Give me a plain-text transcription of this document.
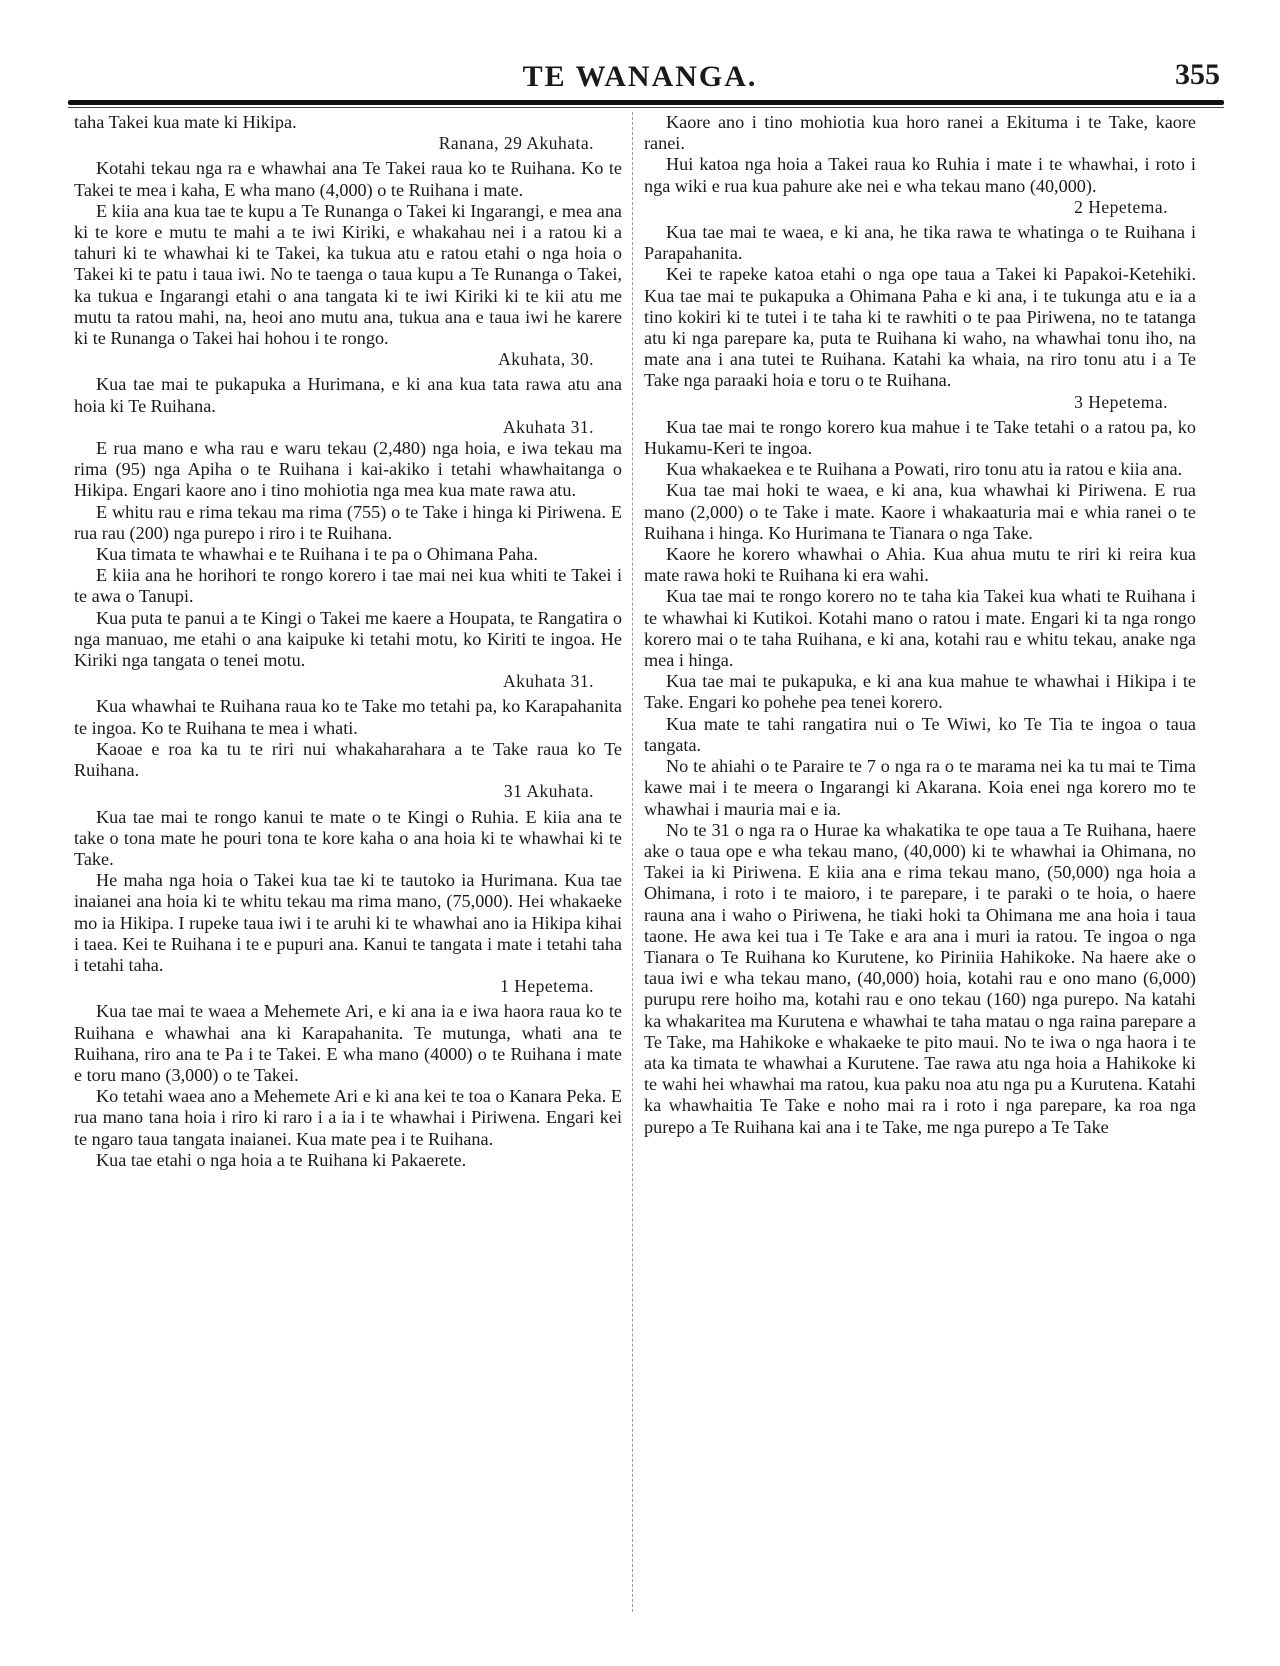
TE WANANGA.	355

taha Takei kua mate ki Hikipa.

Ranana, 29 Akuhata.

Kotahi tekau nga ra e whawhai ana Te Takei raua ko te Ruihana. Ko te Takei te mea i kaha, E wha mano (4,000) o te Ruihana i mate.

E kiia ana kua tae te kupu a Te Runanga o Takei ki Ingarangi, e mea ana ki te kore e mutu te mahi a te iwi Kiriki, e whakahau nei i a ratou ki a tahuri ki te whawhai ki te Takei, ka tukua atu e ratou etahi o nga hoia o Takei ki te patu i taua iwi. No te taenga o taua kupu a Te Runanga o Takei, ka tukua e Ingarangi etahi o ana tangata ki te iwi Kiriki ki te kii atu me mutu ta ratou mahi, na, heoi ano mutu ana, tukua ana e taua iwi he karere ki te Runanga o Takei hai hohou i te rongo.

Akuhata, 30.

Kua tae mai te pukapuka a Hurimana, e ki ana kua tata rawa atu ana hoia ki Te Ruihana.

Akuhata 31.

E rua mano e wha rau e waru tekau (2,480) nga hoia, e iwa tekau ma rima (95) nga Apiha o te Ruihana i kai-akiko i tetahi whawhaitanga o Hikipa. Engari kaore ano i tino mohiotia nga mea kua mate rawa atu.

E whitu rau e rima tekau ma rima (755) o te Take i hinga ki Piriwena. E rua rau (200) nga purepo i riro i te Ruihana.

Kua timata te whawhai e te Ruihana i te pa o Ohimana Paha.

E kiia ana he horihori te rongo korero i tae mai nei kua whiti te Takei i te awa o Tanupi.

Kua puta te panui a te Kingi o Takei me kaere a Houpata, te Rangatira o nga manuao, me etahi o ana kaipuke ki tetahi motu, ko Kiriti te ingoa. He Kiriki nga tangata o tenei motu.

Akuhata 31.

Kua whawhai te Ruihana raua ko te Take mo tetahi pa, ko Karapahanita te ingoa. Ko te Ruihana te mea i whati.

Kaoae e roa ka tu te riri nui whakaharahara a te Take raua ko Te Ruihana.

31 Akuhata.

Kua tae mai te rongo kanui te mate o te Kingi o Ruhia. E kiia ana te take o tona mate he pouri tona te kore kaha o ana hoia ki te whawhai ki te Take.

He maha nga hoia o Takei kua tae ki te tautoko ia Hurimana. Kua tae inaianei ana hoia ki te whitu tekau ma rima mano, (75,000). Hei whakaeke mo ia Hikipa. I rupeke taua iwi i te aruhi ki te whawhai ano ia Hikipa kihai i taea. Kei te Ruihana i te e pupuri ana. Kanui te tangata i mate i tetahi taha i tetahi taha.

1 Hepetema.

Kua tae mai te waea a Mehemete Ari, e ki ana ia e iwa haora raua ko te Ruihana e whawhai ana ki Karapahanita. Te mutunga, whati ana te Ruihana, riro ana te Pa i te Takei. E wha mano (4000) o te Ruihana i mate e toru mano (3,000) o te Takei.

Ko tetahi waea ano a Mehemete Ari e ki ana kei te toa o Kanara Peka. E rua mano tana hoia i riro ki raro i a ia i te whawhai i Piriwena. Engari kei te ngaro taua tangata inaianei. Kua mate pea i te Ruihana.

Kua tae etahi o nga hoia a te Ruihana ki Pakaerete.

Kaore ano i tino mohiotia kua horo ranei a Ekituma i te Take, kaore ranei.

Hui katoa nga hoia a Takei raua ko Ruhia i mate i te whawhai, i roto i nga wiki e rua kua pahure ake nei e wha tekau mano (40,000).

2 Hepetema.

Kua tae mai te waea, e ki ana, he tika rawa te whatinga o te Ruihana i Parapahanita.

Kei te rapeke katoa etahi o nga ope taua a Takei ki Papakoi-Ketehiki. Kua tae mai te pukapuka a Ohimana Paha e ki ana, i te tukunga atu e ia a tino kokiri ki te tutei i te taha ki te rawhiti o te paa Piriwena, no te tatanga atu ki nga parepare ka, puta te Ruihana ki waho, na whawhai tonu iho, na mate ana i ana tutei te Ruihana. Katahi ka whaia, na riro tonu atu i a Te Take nga paraaki hoia e toru o te Ruihana.

3 Hepetema.

Kua tae mai te rongo korero kua mahue i te Take tetahi o a ratou pa, ko Hukamu-Keri te ingoa.

Kua whakaekea e te Ruihana a Powati, riro tonu atu ia ratou e kiia ana.

Kua tae mai hoki te waea, e ki ana, kua whawhai ki Piriwena. E rua mano (2,000) o te Take i mate. Kaore i whakaaturia mai e whia ranei o te Ruihana i hinga. Ko Hurimana te Tianara o nga Take.

Kaore he korero whawhai o Ahia. Kua ahua mutu te riri ki reira kua mate rawa hoki te Ruihana ki era wahi.

Kua tae mai te rongo korero no te taha kia Takei kua whati te Ruihana i te whawhai ki Kutikoi. Kotahi mano o ratou i mate. Engari ki ta nga rongo korero mai o te taha Ruihana, e ki ana, kotahi rau e whitu tekau, anake nga mea i hinga.

Kua tae mai te pukapuka, e ki ana kua mahue te whawhai i Hikipa i te Take. Engari ko pohehe pea tenei korero.

Kua mate te tahi rangatira nui o Te Wiwi, ko Te Tia te ingoa o taua tangata.

No te ahiahi o te Paraire te 7 o nga ra o te marama nei ka tu mai te Tima kawe mai i te meera o Ingarangi ki Akarana. Koia enei nga korero mo te whawhai i mauria mai e ia.

No te 31 o nga ra o Hurae ka whakatika te ope taua a Te Ruihana, haere ake o taua ope e wha tekau mano, (40,000) ki te whawhai ia Ohimana, no Takei ia ki Piriwena. E kiia ana e rima tekau mano, (50,000) nga hoia a Ohimana, i roto i te maioro, i te parepare, i te paraki o te hoia, o haere rauna ana i waho o Piriwena, he tiaki hoki ta Ohimana me ana hoia i taua taone. He awa kei tua i Te Take e ara ana i muri ia ratou. Te ingoa o nga Tianara o Te Ruihana ko Kurutene, ko Piriniia Hahikoke. Na haere ake o taua iwi e wha tekau mano, (40,000) hoia, kotahi rau e ono mano (6,000) purupu rere hoiho ma, kotahi rau e ono tekau (160) nga purepo. Na katahi ka whakaritea ma Kurutena e whawhai te taha matau o nga raina parepare a Te Take, ma Hahikoke e whakaeke te pito maui. No te iwa o nga haora i te ata ka timata te whawhai a Kurutene. Tae rawa atu nga hoia a Hahikoke ki te wahi hei whawhai ma ratou, kua paku noa atu nga pu a Kurutena. Katahi ka whawhaitia Te Take e noho mai ra i roto i nga parepare, ka roa nga purepo a Te Ruihana kai ana i te Take, me nga purepo a Te Take
